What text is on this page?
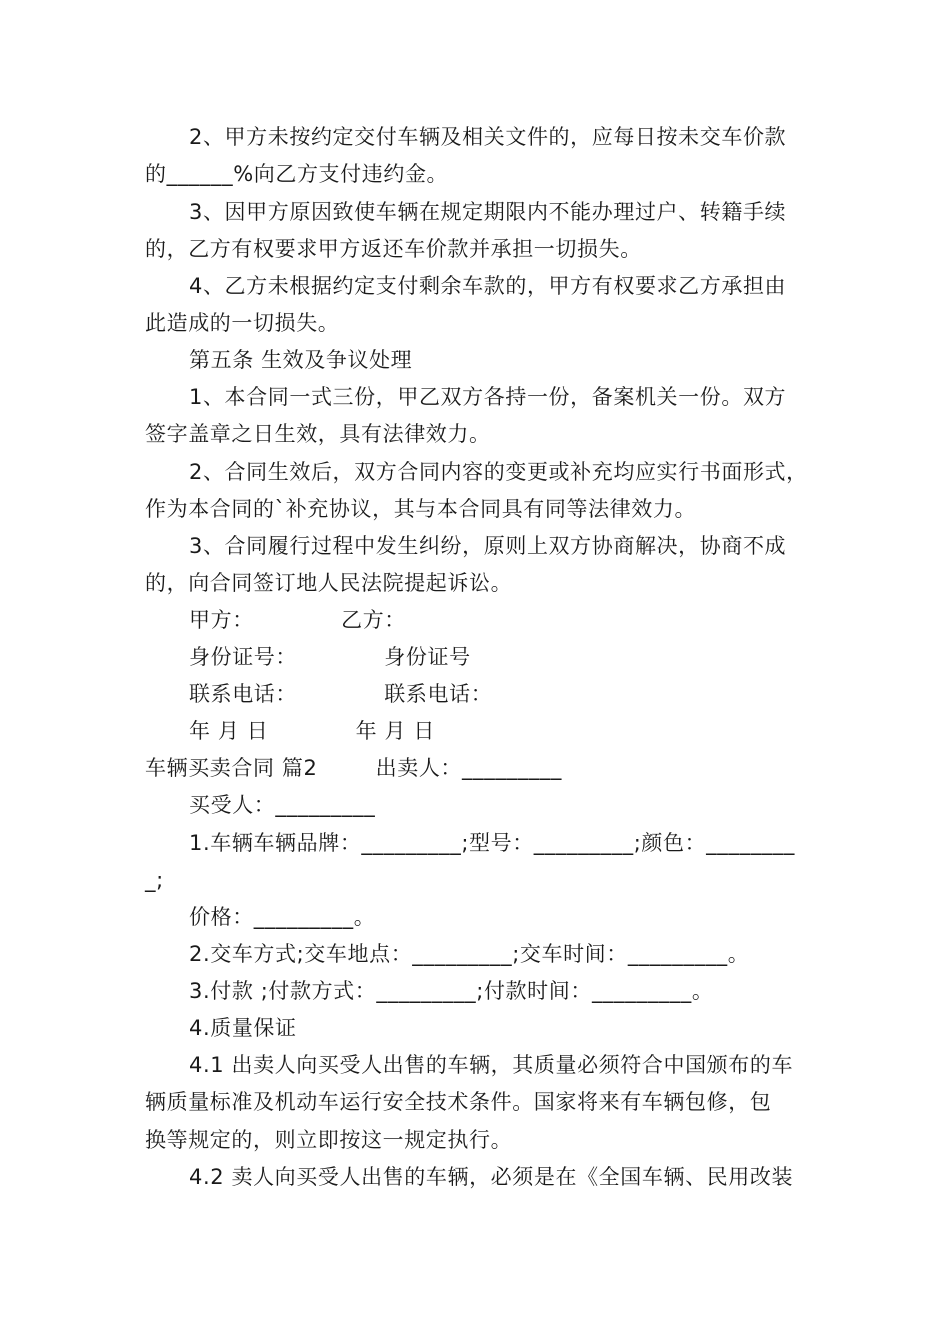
2、甲方未按约定交付车辆及相关文件的，应每日按未交车价款
的______%向乙方支付违约金。
3、因甲方原因致使车辆在规定期限内不能办理过户、转籍手续
的，乙方有权要求甲方返还车价款并承担一切损失。
4、乙方未根据约定支付剩余车款的，甲方有权要求乙方承担由
此造成的一切损失。
第五条 生效及争议处理
1、本合同一式三份，甲乙双方各持一份，备案机关一份。双方
签字盖章之日生效，具有法律效力。
2、合同生效后，双方合同内容的变更或补充均应实行书面形式，
作为本合同的`补充协议，其与本合同具有同等法律效力。
3、合同履行过程中发生纠纷，原则上双方协商解决，协商不成
的，向合同签订地人民法院提起诉讼。
甲方：            乙方：
身份证号：            身份证号
联系电话：            联系电话：
年 月 日            年 月 日
车辆买卖合同 篇2        出卖人：_________
买受人：_________
1.车辆车辆品牌：_________;型号：_________;颜色：________
_;
价格：_________。
2.交车方式;交车地点：_________;交车时间：_________。
3.付款 ;付款方式：_________;付款时间：_________。
4.质量保证
4.1 出卖人向买受人出售的车辆，其质量必须符合中国颁布的车
辆质量标准及机动车运行安全技术条件。国家将来有车辆包修，包
换等规定的，则立即按这一规定执行。
4.2 卖人向买受人出售的车辆，必须是在《全国车辆、民用改装
